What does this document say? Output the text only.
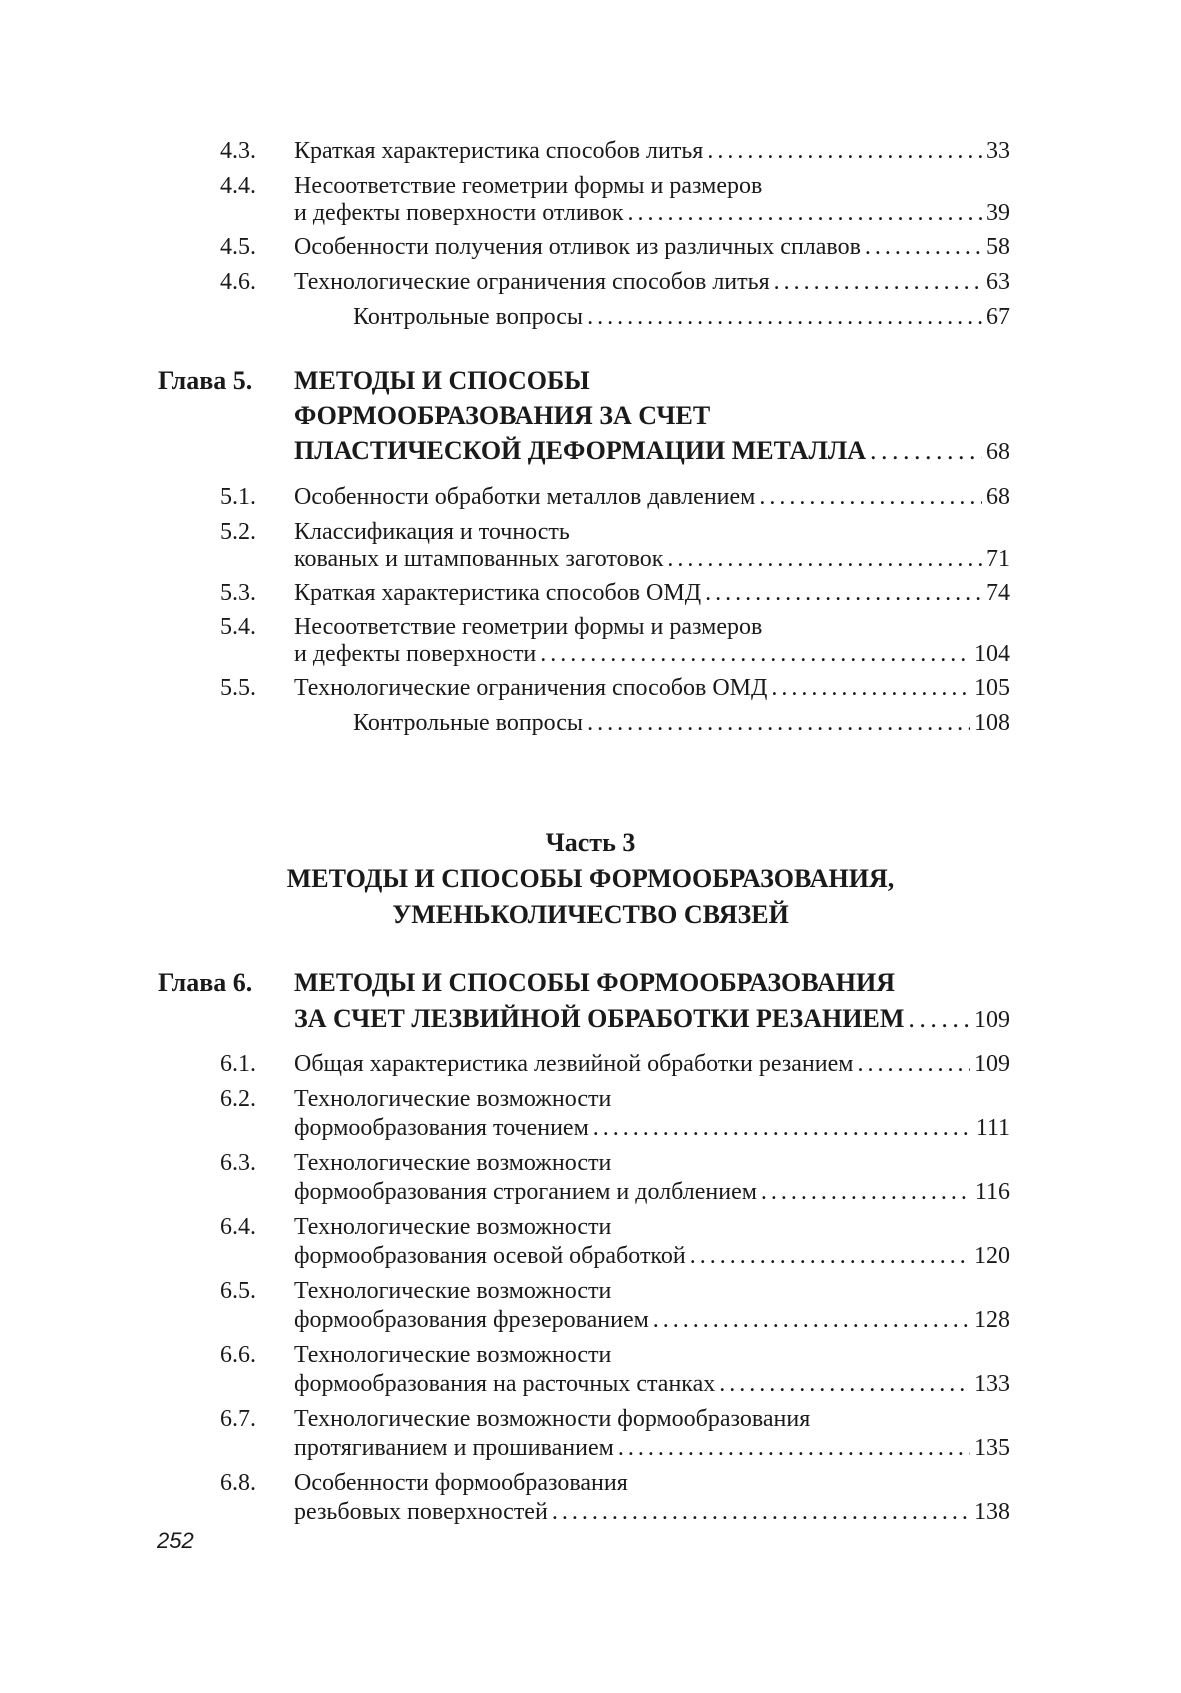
4.3.	Краткая характеристика способов литья . . .	33
4.4.	Несоответствие геометрии формы и размеров
и дефекты поверхности отливок . . .	39
4.5.	Особенности получения отливок из различных сплавов . . .	58
4.6.	Технологические ограничения способов литья . . .	63
Контрольные вопросы . . .	67
Глава 5.	МЕТОДЫ И СПОСОБЫ
ФОРМООБРАЗОВАНИЯ ЗА СЧЕТ
ПЛАСТИЧЕСКОЙ ДЕФОРМАЦИИ МЕТАЛЛА . . .	68
5.1.	Особенности обработки металлов давлением . . .	68
5.2.	Классификация и точность
кованых и штампованных заготовок . . .	71
5.3.	Краткая характеристика способов ОМД . . .	74
5.4.	Несоответствие геометрии формы и размеров
и дефекты поверхности . . .	104
5.5.	Технологические ограничения способов ОМД . . .	105
Контрольные вопросы . . .	108
Часть 3
МЕТОДЫ И СПОСОБЫ ФОРМООБРАЗОВАНИЯ,
УМЕНЬКОЛИЧЕСТВО СВЯЗЕЙ
Глава 6.	МЕТОДЫ И СПОСОБЫ ФОРМООБРАЗОВАНИЯ
ЗА СЧЕТ ЛЕЗВИЙНОЙ ОБРАБОТКИ РЕЗАНИЕМ . . .	109
6.1.	Общая характеристика лезвийной обработки резанием . . .	109
6.2.	Технологические возможности
формообразования точением . . .	111
6.3.	Технологические возможности
формообразования строганием и долблением . . .	116
6.4.	Технологические возможности
формообразования осевой обработкой . . .	120
6.5.	Технологические возможности
формообразования фрезерованием . . .	128
6.6.	Технологические возможности
формообразования на расточных станках . . .	133
6.7.	Технологические возможности формообразования
протягиванием и прошиванием . . .	135
6.8.	Особенности формообразования
резьбовых поверхностей . . .	138
252
